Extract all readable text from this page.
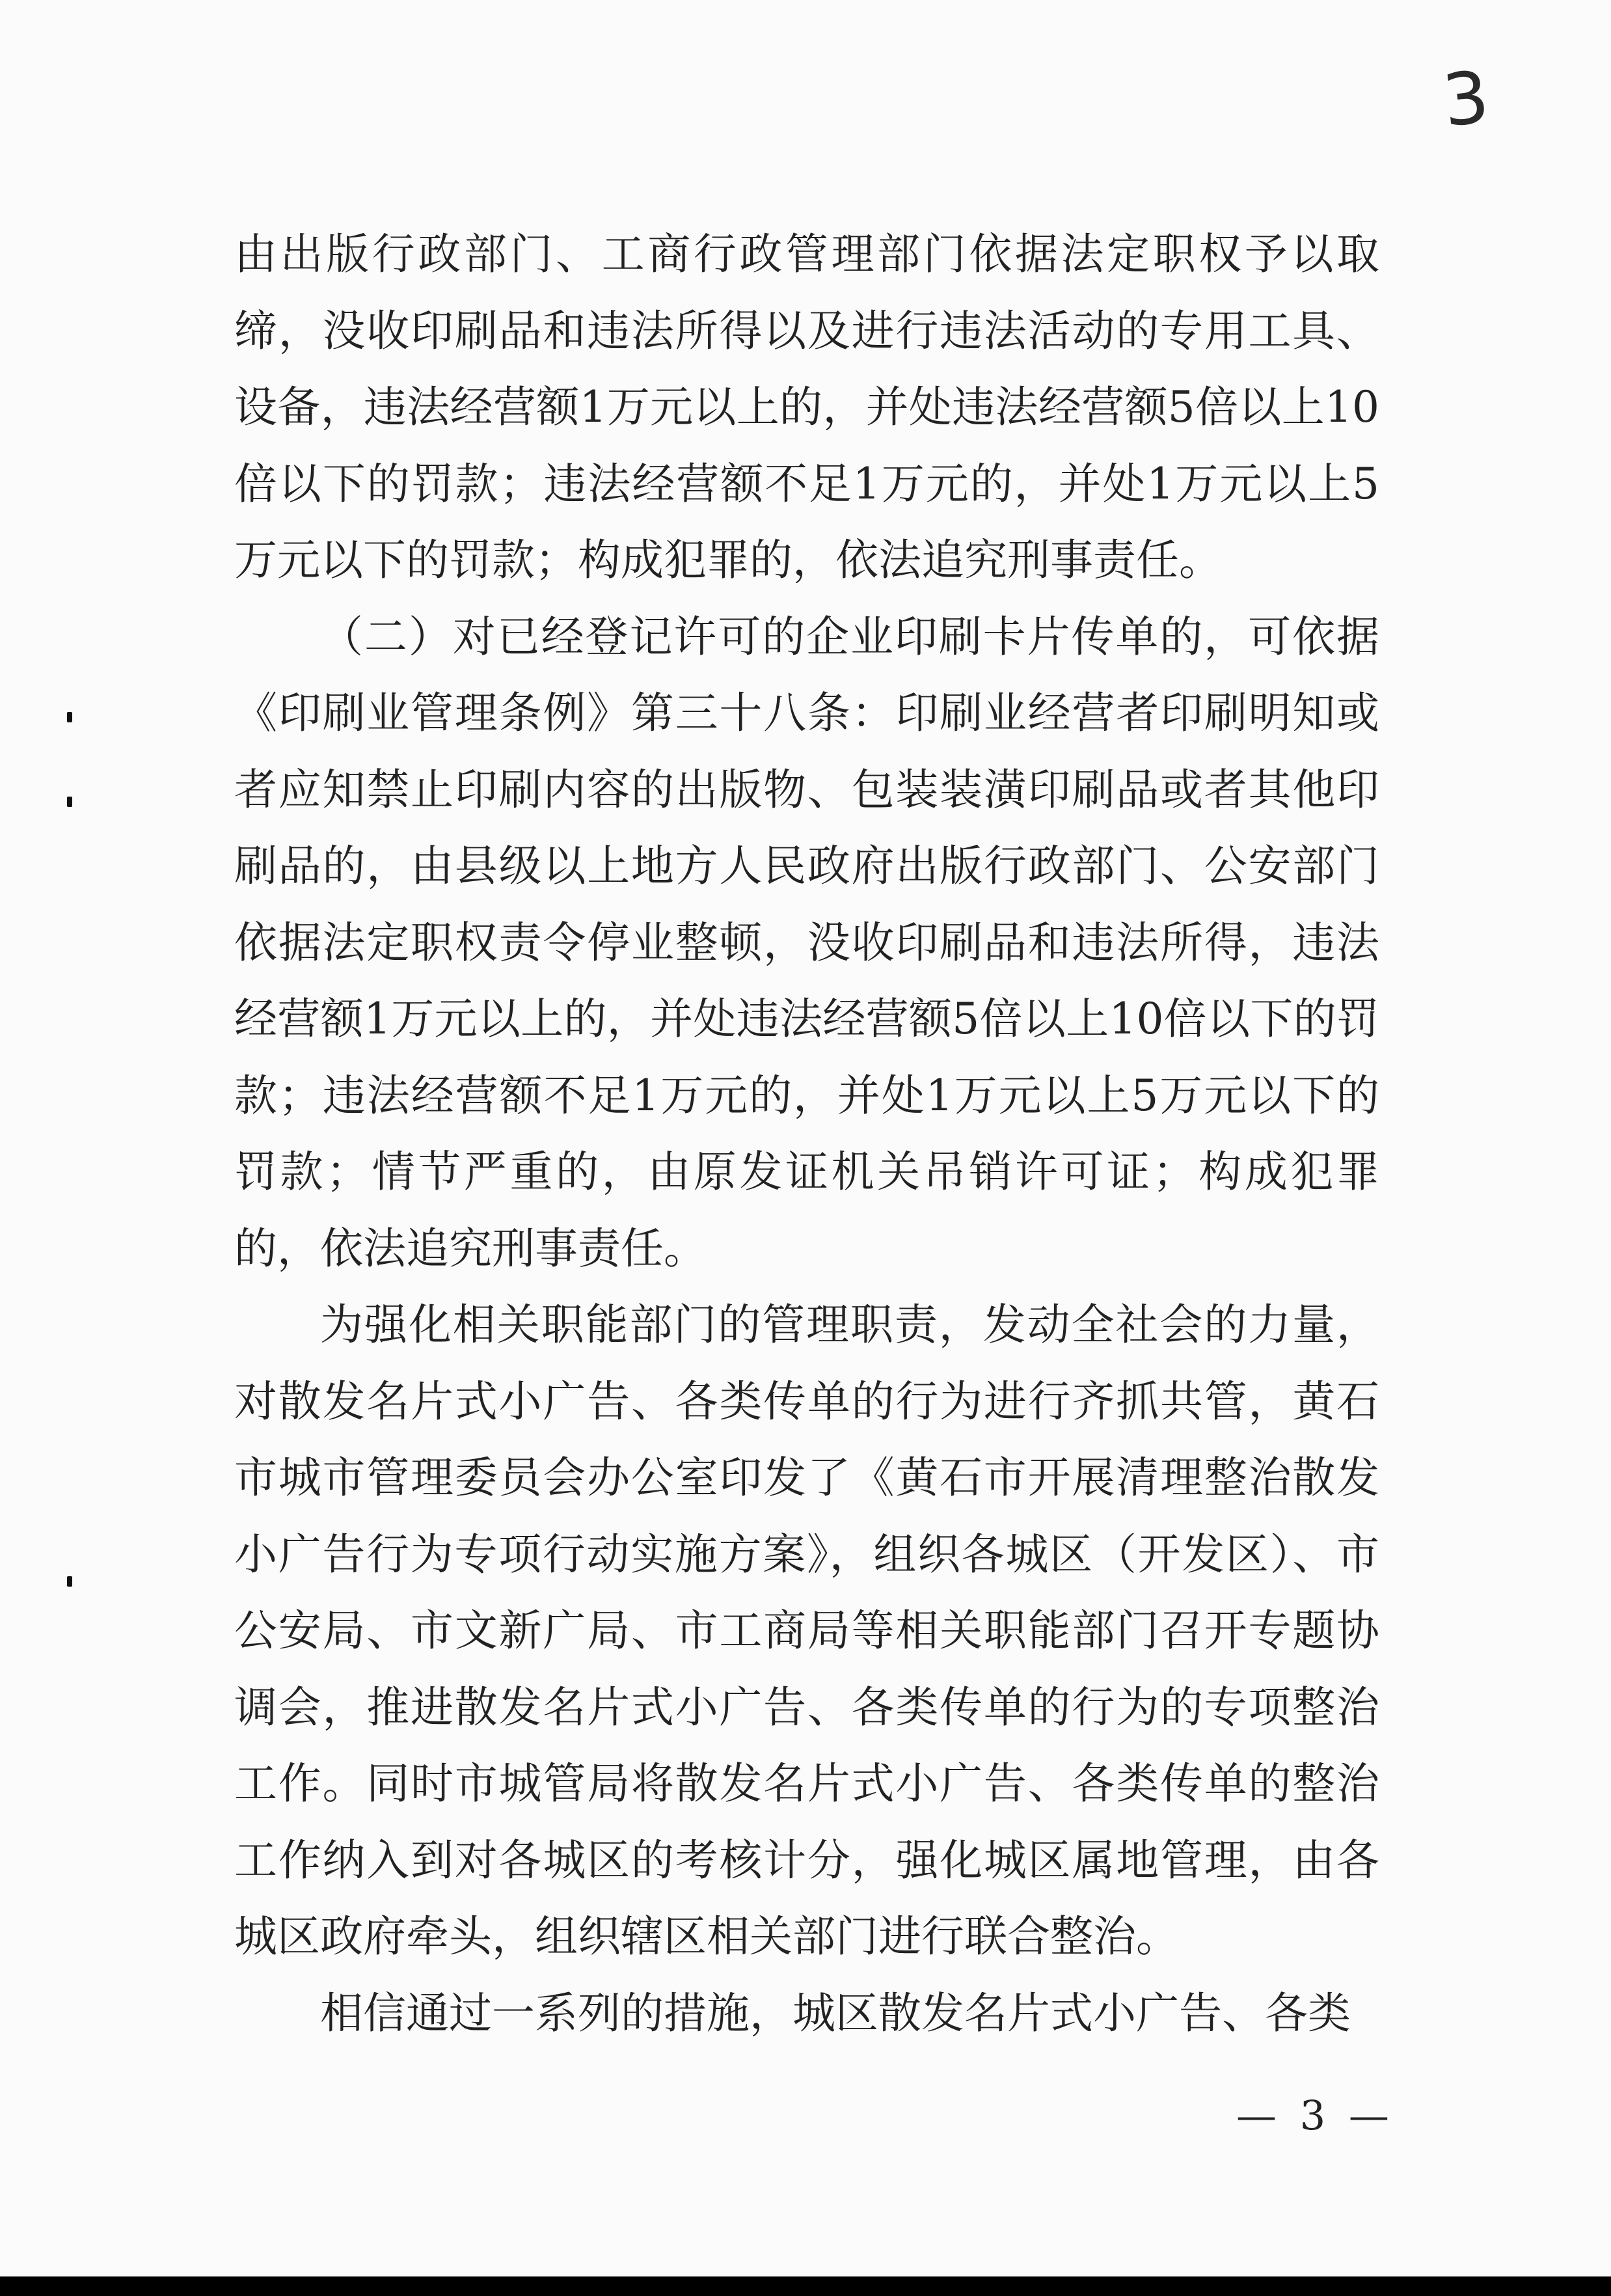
3

由出版行政部门、工商行政管理部门依据法定职权予以取缔，没收印刷品和违法所得以及进行违法活动的专用工具、设备，违法经营额1万元以上的，并处违法经营额5倍以上10倍以下的罚款；违法经营额不足1万元的，并处1万元以上5万元以下的罚款；构成犯罪的，依法追究刑事责任。

（二）对已经登记许可的企业印刷卡片传单的，可依据《印刷业管理条例》第三十八条：印刷业经营者印刷明知或者应知禁止印刷内容的出版物、包装装潢印刷品或者其他印刷品的，由县级以上地方人民政府出版行政部门、公安部门依据法定职权责令停业整顿，没收印刷品和违法所得，违法经营额1万元以上的，并处违法经营额5倍以上10倍以下的罚款；违法经营额不足1万元的，并处1万元以上5万元以下的罚款；情节严重的，由原发证机关吊销许可证；构成犯罪的，依法追究刑事责任。

为强化相关职能部门的管理职责，发动全社会的力量，对散发名片式小广告、各类传单的行为进行齐抓共管，黄石市城市管理委员会办公室印发了《黄石市开展清理整治散发小广告行为专项行动实施方案》，组织各城区（开发区）、市公安局、市文新广局、市工商局等相关职能部门召开专题协调会，推进散发名片式小广告、各类传单的行为的专项整治工作。同时市城管局将散发名片式小广告、各类传单的整治工作纳入到对各城区的考核计分，强化城区属地管理，由各城区政府牵头，组织辖区相关部门进行联合整治。

相信通过一系列的措施，城区散发名片式小广告、各类

— 3 —
